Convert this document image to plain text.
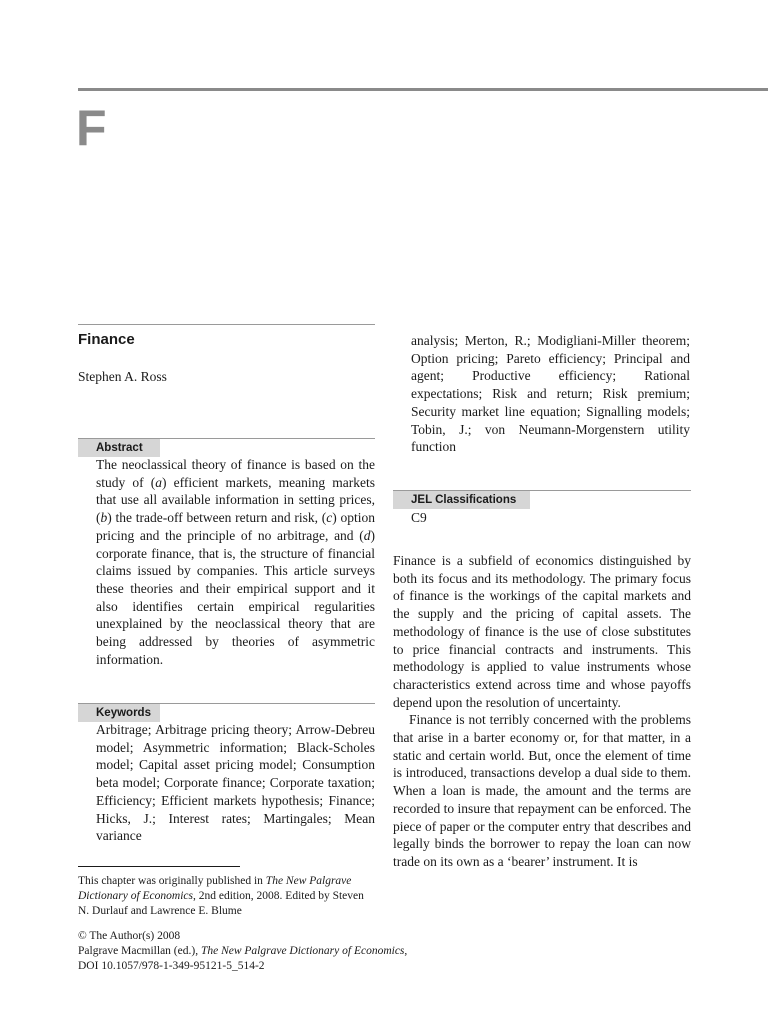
F
Finance

Stephen A. Ross

Abstract

The neoclassical theory of finance is based on the study of (a) efficient markets, meaning markets that use all available information in setting prices, (b) the trade-off between return and risk, (c) option pricing and the principle of no arbitrage, and (d) corporate finance, that is, the structure of financial claims issued by companies. This article surveys these theories and their empirical support and it also identifies certain empirical regularities unexplained by the neoclassical theory that are being addressed by theories of asymmetric information.

Keywords

Arbitrage; Arbitrage pricing theory; Arrow-Debreu model; Asymmetric information; Black-Scholes model; Capital asset pricing model; Consumption beta model; Corporate finance; Corporate taxation; Efficiency; Efficient markets hypothesis; Finance; Hicks, J.; Interest rates; Martingales; Mean variance

This chapter was originally published in The New Palgrave Dictionary of Economics, 2nd edition, 2008. Edited by Steven N. Durlauf and Lawrence E. Blume

© The Author(s) 2008
Palgrave Macmillan (ed.), The New Palgrave Dictionary of Economics,
DOI 10.1057/978-1-349-95121-5_514-2

analysis; Merton, R.; Modigliani-Miller theorem; Option pricing; Pareto efficiency; Principal and agent; Productive efficiency; Rational expectations; Risk and return; Risk premium; Security market line equation; Signalling models; Tobin, J.; von Neumann-Morgenstern utility function

JEL Classifications

C9

Finance is a subfield of economics distinguished by both its focus and its methodology. The primary focus of finance is the workings of the capital markets and the supply and the pricing of capital assets. The methodology of finance is the use of close substitutes to price financial contracts and instruments. This methodology is applied to value instruments whose characteristics extend across time and whose payoffs depend upon the resolution of uncertainty.

Finance is not terribly concerned with the problems that arise in a barter economy or, for that matter, in a static and certain world. But, once the element of time is introduced, transactions develop a dual side to them. When a loan is made, the amount and the terms are recorded to insure that repayment can be enforced. The piece of paper or the computer entry that describes and legally binds the borrower to repay the loan can now trade on its own as a ‘bearer’ instrument. It is
